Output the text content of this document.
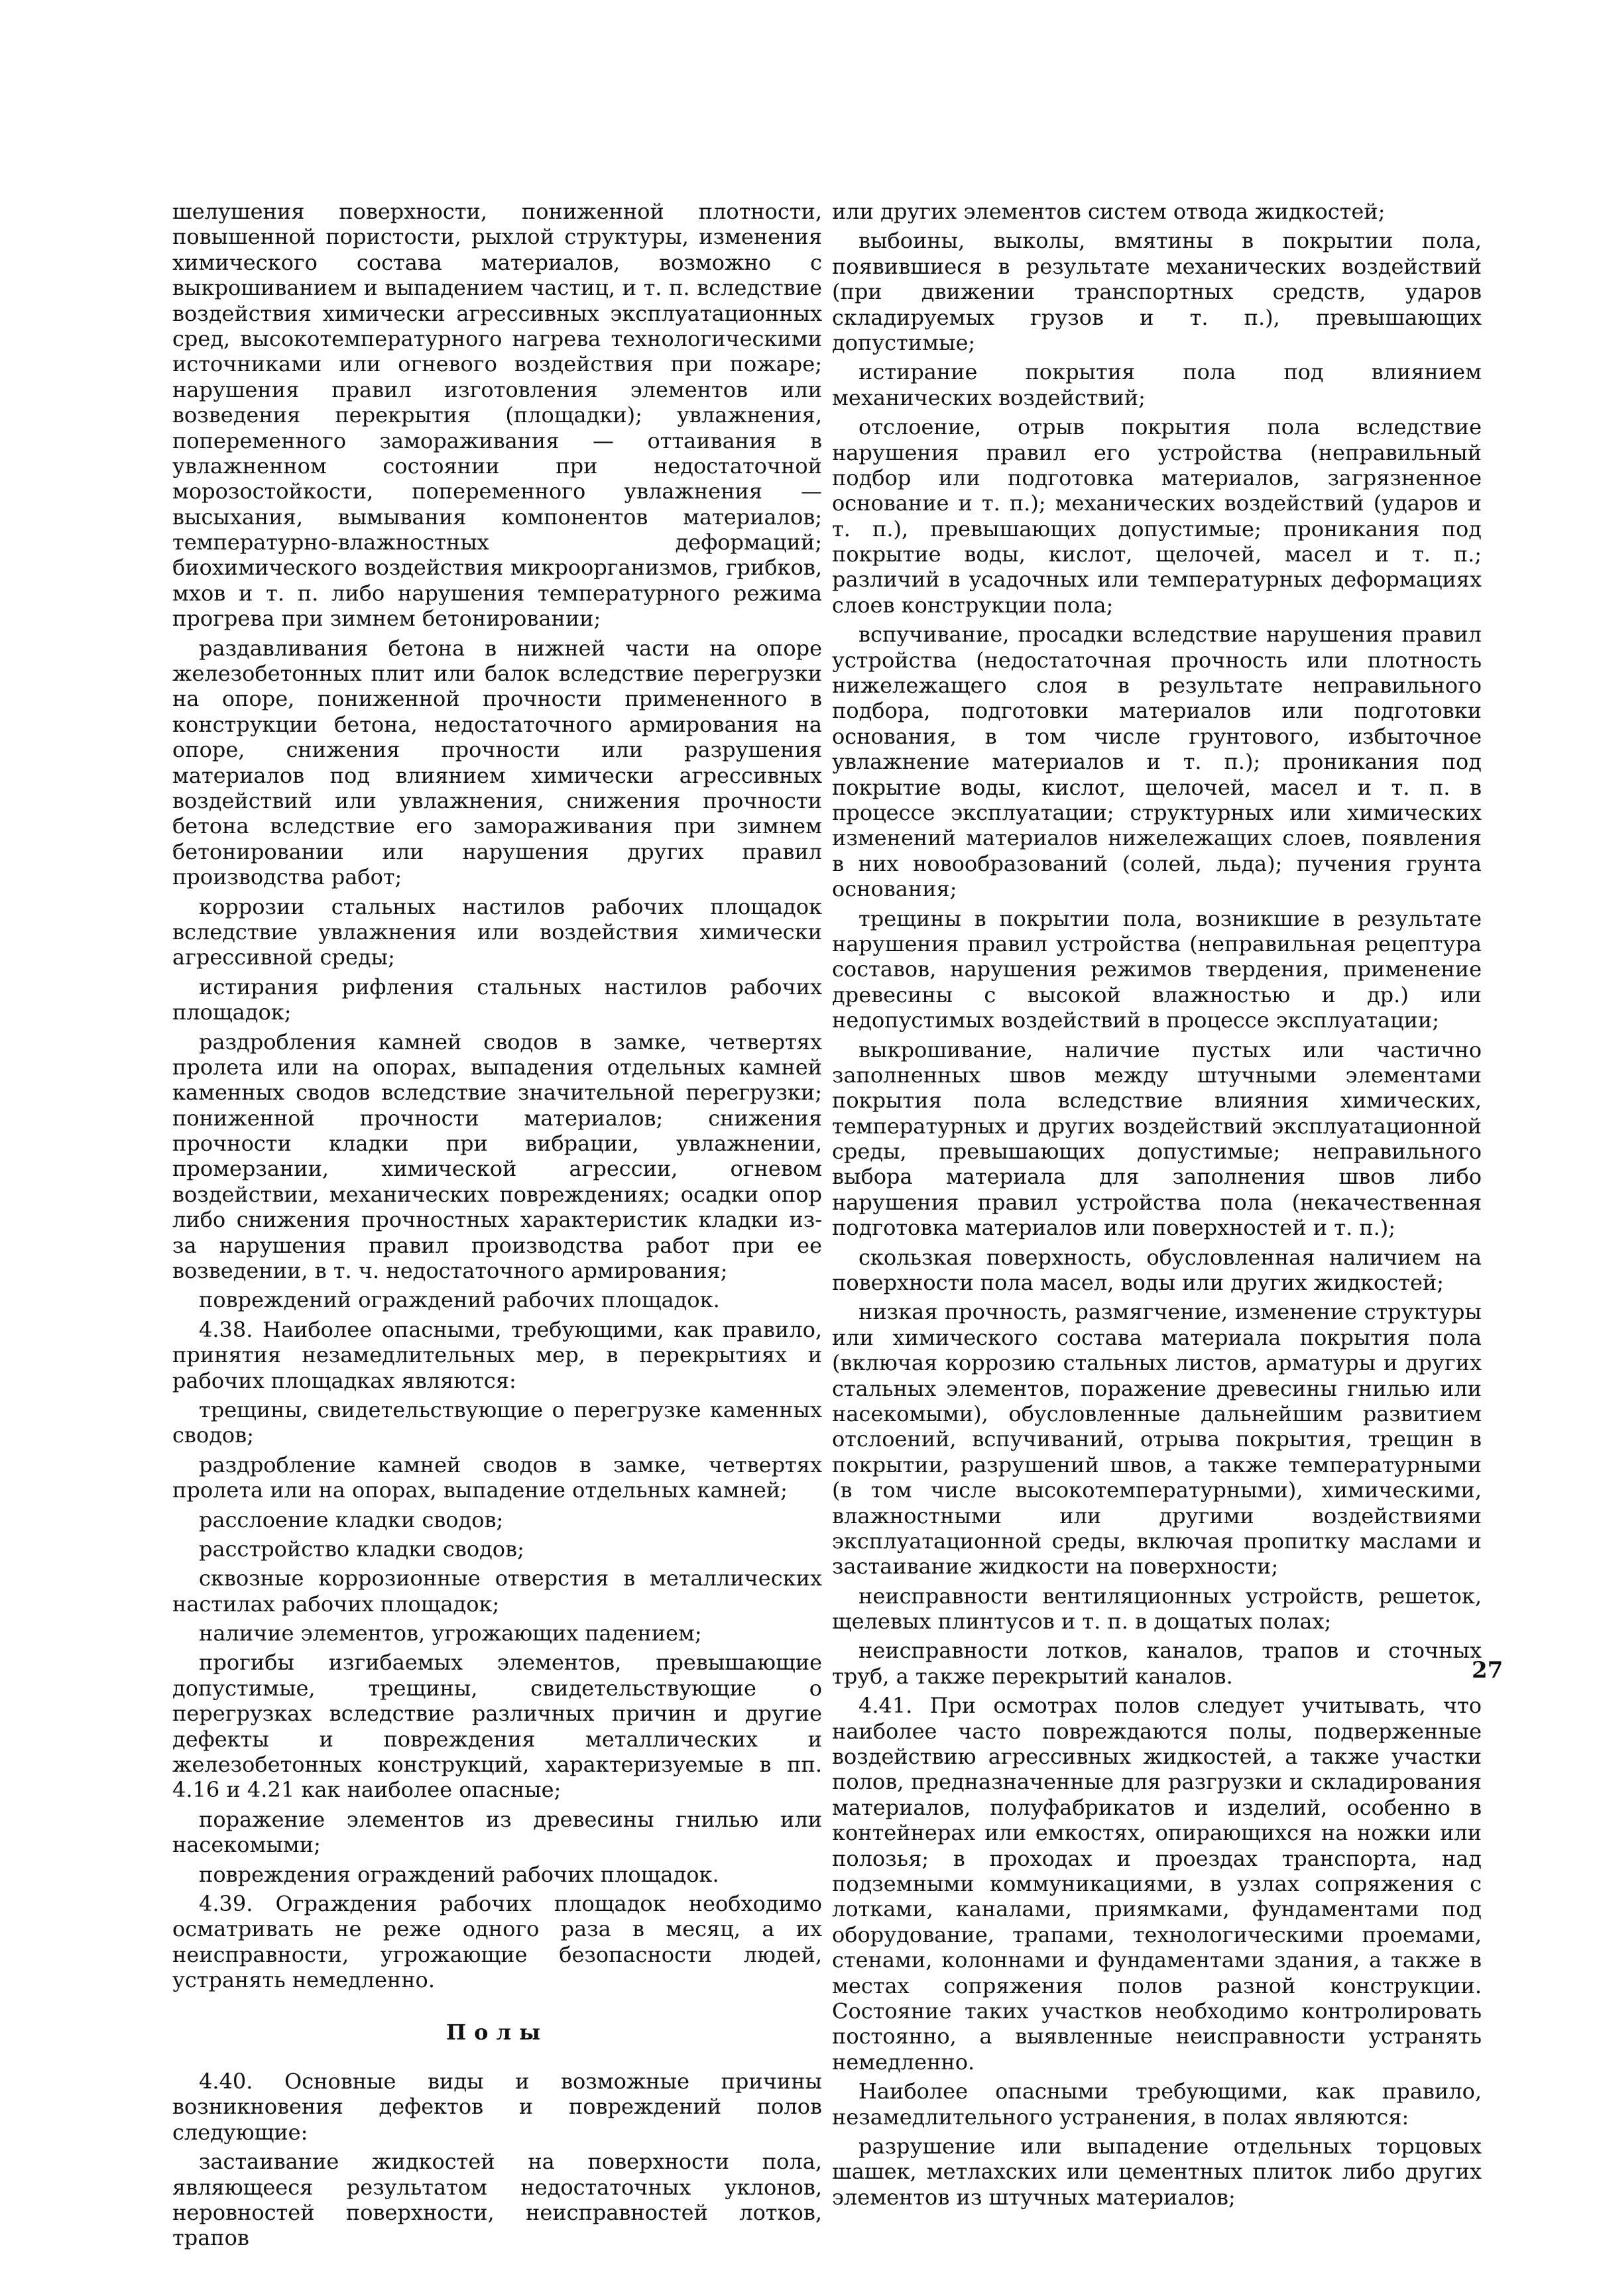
шелушения поверхности, пониженной плотности, повышенной пористости, рыхлой структуры, изменения химического состава материалов, возможно с выкрошиванием и выпадением частиц, и т. п. вследствие воздействия химически агрессивных эксплуатационных сред, высокотемпературного нагрева технологическими источниками или огневого воздействия при пожаре; нарушения правил изготовления элементов или возведения перекрытия (площадки); увлажнения, попеременного замораживания — оттаивания в увлажненном состоянии при недостаточной морозостойкости, попеременного увлажнения — высыхания, вымывания компонентов материалов; температурно-влажностных деформаций; биохимического воздействия микроорганизмов, грибков, мхов и т. п. либо нарушения температурного режима прогрева при зимнем бетонировании;

раздавливания бетона в нижней части на опоре железобетонных плит или балок вследствие перегрузки на опоре, пониженной прочности примененного в конструкции бетона, недостаточного армирования на опоре, снижения прочности или разрушения материалов под влиянием химически агрессивных воздействий или увлажнения, снижения прочности бетона вследствие его замораживания при зимнем бетонировании или нарушения других правил производства работ;

коррозии стальных настилов рабочих площадок вследствие увлажнения или воздействия химически агрессивной среды;

истирания рифления стальных настилов рабочих площадок;

раздробления камней сводов в замке, четвертях пролета или на опорах, выпадения отдельных камней каменных сводов вследствие значительной перегрузки; пониженной прочности материалов; снижения прочности кладки при вибрации, увлажнении, промерзании, химической агрессии, огневом воздействии, механических повреждениях; осадки опор либо снижения прочностных характеристик кладки из-за нарушения правил производства работ при ее возведении, в т. ч. недостаточного армирования;

повреждений ограждений рабочих площадок.

4.38. Наиболее опасными, требующими, как правило, принятия незамедлительных мер, в перекрытиях и рабочих площадках являются:

трещины, свидетельствующие о перегрузке каменных сводов;

раздробление камней сводов в замке, четвертях пролета или на опорах, выпадение отдельных камней;

расслоение кладки сводов;

расстройство кладки сводов;

сквозные коррозионные отверстия в металлических настилах рабочих площадок;

наличие элементов, угрожающих падением;

прогибы изгибаемых элементов, превышающие допустимые, трещины, свидетельствующие о перегрузках вследствие различных причин и другие дефекты и повреждения металлических и железобетонных конструкций, характеризуемые в пп. 4.16 и 4.21 как наиболее опасные;

поражение элементов из древесины гнилью или насекомыми;

повреждения ограждений рабочих площадок.

4.39. Ограждения рабочих площадок необходимо осматривать не реже одного раза в месяц, а их неисправности, угрожающие безопасности людей, устранять немедленно.

Полы

4.40. Основные виды и возможные причины возникновения дефектов и повреждений полов следующие:

застаивание жидкостей на поверхности пола, являющееся результатом недостаточных уклонов, неровностей поверхности, неисправностей лотков, трапов

или других элементов систем отвода жидкостей;

выбоины, выколы, вмятины в покрытии пола, появившиеся в результате механических воздействий (при движении транспортных средств, ударов складируемых грузов и т. п.), превышающих допустимые;

истирание покрытия пола под влиянием механических воздействий;

отслоение, отрыв покрытия пола вследствие нарушения правил его устройства (неправильный подбор или подготовка материалов, загрязненное основание и т. п.); механических воздействий (ударов и т. п.), превышающих допустимые; проникания под покрытие воды, кислот, щелочей, масел и т. п.; различий в усадочных или температурных деформациях слоев конструкции пола;

вспучивание, просадки вследствие нарушения правил устройства (недостаточная прочность или плотность нижележащего слоя в результате неправильного подбора, подготовки материалов или подготовки основания, в том числе грунтового, избыточное увлажнение материалов и т. п.); проникания под покрытие воды, кислот, щелочей, масел и т. п. в процессе эксплуатации; структурных или химических изменений материалов нижележащих слоев, появления в них новообразований (солей, льда); пучения грунта основания;

трещины в покрытии пола, возникшие в результате нарушения правил устройства (неправильная рецептура составов, нарушения режимов твердения, применение древесины с высокой влажностью и др.) или недопустимых воздействий в процессе эксплуатации;

выкрошивание, наличие пустых или частично заполненных швов между штучными элементами покрытия пола вследствие влияния химических, температурных и других воздействий эксплуатационной среды, превышающих допустимые; неправильного выбора материала для заполнения швов либо нарушения правил устройства пола (некачественная подготовка материалов или поверхностей и т. п.);

скользкая поверхность, обусловленная наличием на поверхности пола масел, воды или других жидкостей;

низкая прочность, размягчение, изменение структуры или химического состава материала покрытия пола (включая коррозию стальных листов, арматуры и других стальных элементов, поражение древесины гнилью или насекомыми), обусловленные дальнейшим развитием отслоений, вспучиваний, отрыва покрытия, трещин в покрытии, разрушений швов, а также температурными (в том числе высокотемпературными), химическими, влажностными или другими воздействиями эксплуатационной среды, включая пропитку маслами и застаивание жидкости на поверхности;

неисправности вентиляционных устройств, решеток, щелевых плинтусов и т. п. в дощатых полах;

неисправности лотков, каналов, трапов и сточных труб, а также перекрытий каналов.

4.41. При осмотрах полов следует учитывать, что наиболее часто повреждаются полы, подверженные воздействию агрессивных жидкостей, а также участки полов, предназначенные для разгрузки и складирования материалов, полуфабрикатов и изделий, особенно в контейнерах или емкостях, опирающихся на ножки или полозья; в проходах и проездах транспорта, над подземными коммуникациями, в узлах сопряжения с лотками, каналами, приямками, фундаментами под оборудование, трапами, технологическими проемами, стенами, колоннами и фундаментами здания, а также в местах сопряжения полов разной конструкции. Состояние таких участков необходимо контролировать постоянно, а выявленные неисправности устранять немедленно.

Наиболее опасными требующими, как правило, незамедлительного устранения, в полах являются:

разрушение или выпадение отдельных торцовых шашек, метлахских или цементных плиток либо других элементов из штучных материалов;

27
